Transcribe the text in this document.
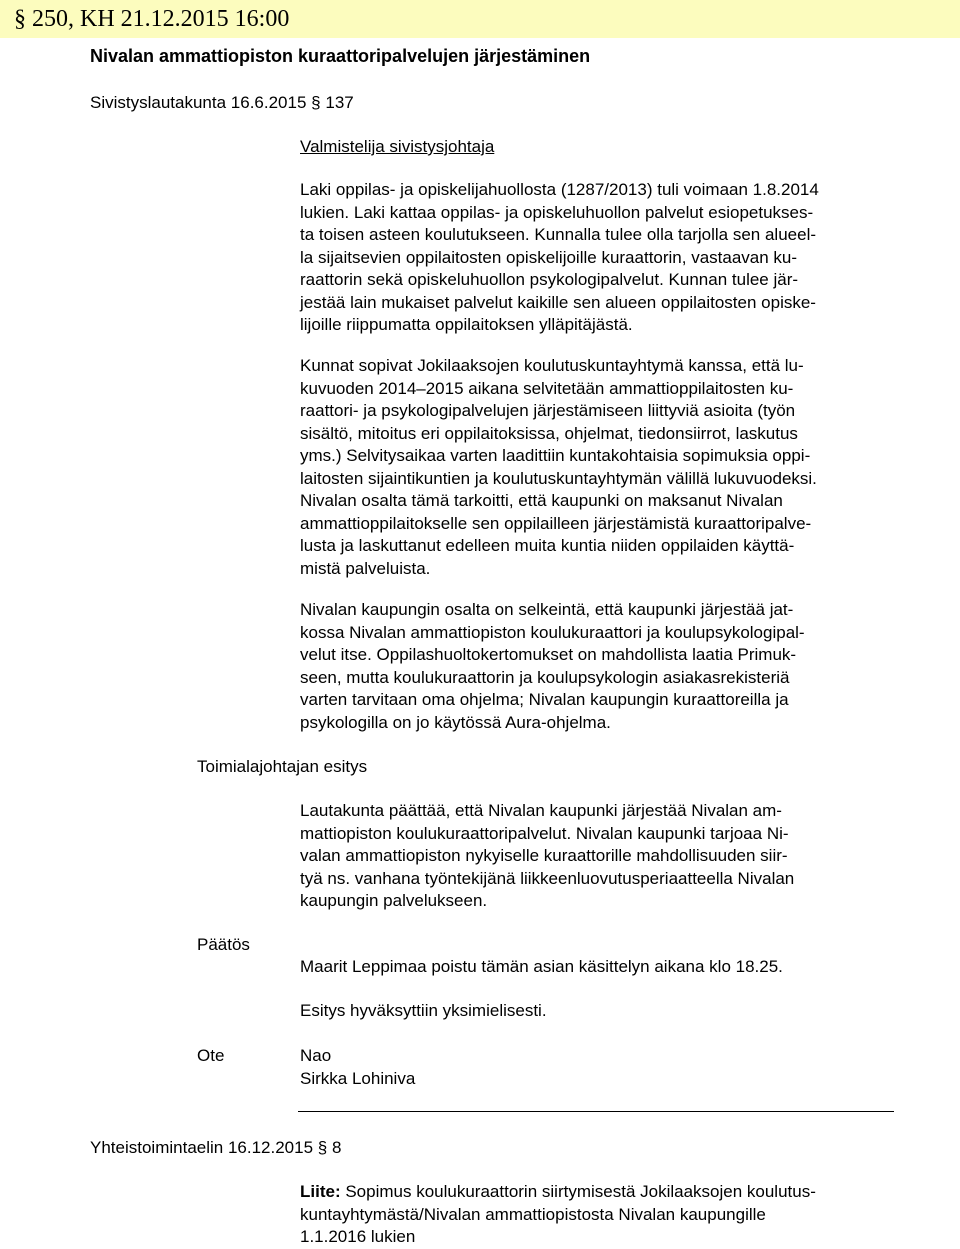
§ 250, KH 21.12.2015 16:00
Nivalan ammattiopiston kuraattoripalvelujen järjestäminen
Sivistyslautakunta 16.6.2015 § 137
Valmistelija sivistysjohtaja
Laki oppilas- ja opiskelijahuollosta (1287/2013) tuli voimaan 1.8.2014
lukien. Laki kattaa oppilas- ja opiskeluhuollon palvelut esiopetukses-
ta toisen asteen koulutukseen. Kunnalla tulee olla tarjolla sen alueel-
la sijaitsevien oppilaitosten opiskelijoille kuraattorin, vastaavan ku-
raattorin sekä opiskeluhuollon psykologipalvelut. Kunnan tulee jär-
jestää lain mukaiset palvelut kaikille sen alueen oppilaitosten opiske-
lijoille riippumatta oppilaitoksen ylläpitäjästä.
Kunnat sopivat Jokilaaksojen koulutuskuntayhtymä kanssa, että lu-
kuvuoden 2014–2015 aikana selvitetään ammattioppilaitosten ku-
raattori- ja psykologipalvelujen järjestämiseen liittyviä asioita (työn
sisältö, mitoitus eri oppilaitoksissa, ohjelmat, tiedonsiirrot, laskutus
yms.) Selvitysaikaa varten laadittiin kuntakohtaisia sopimuksia oppi-
laitosten sijaintikuntien ja koulutuskuntayhtymän välillä lukuvuodeksi.
Nivalan osalta tämä tarkoitti, että kaupunki on maksanut Nivalan
ammattioppilaitokselle sen oppilailleen järjestämistä kuraattoripalve-
lusta ja laskuttanut edelleen muita kuntia niiden oppilaiden käyttä-
mistä palveluista.
Nivalan kaupungin osalta on selkeintä, että kaupunki järjestää jat-
kossa Nivalan ammattiopiston koulukuraattori ja koulupsykologipal-
velut itse. Oppilashuoltokertomukset on mahdollista laatia Primuk-
seen, mutta koulukuraattorin ja koulupsykologin asiakasrekisteriä
varten tarvitaan oma ohjelma; Nivalan kaupungin kuraattoreilla ja
psykologilla on jo käytössä Aura-ohjelma.
Toimialajohtajan esitys
Lautakunta päättää, että Nivalan kaupunki järjestää Nivalan am-
mattiopiston koulukuraattoripalvelut. Nivalan kaupunki tarjoaa Ni-
valan ammattiopiston nykyiselle kuraattorille mahdollisuuden siir-
tyä ns. vanhana työntekijänä liikkeenluovutusperiaatteella Nivalan
kaupungin palvelukseen.
Päätös
Maarit Leppimaa poistu tämän asian käsittelyn aikana klo 18.25.
Esitys hyväksyttiin yksimielisesti.
Ote	Nao
Sirkka Lohiniva
Yhteistoimintaelin 16.12.2015 § 8
Liite: Sopimus koulukuraattorin siirtymisestä Jokilaaksojen koulutus-
kuntayhtymästä/Nivalan ammattiopistosta Nivalan kaupungille
1.1.2016 lukien
